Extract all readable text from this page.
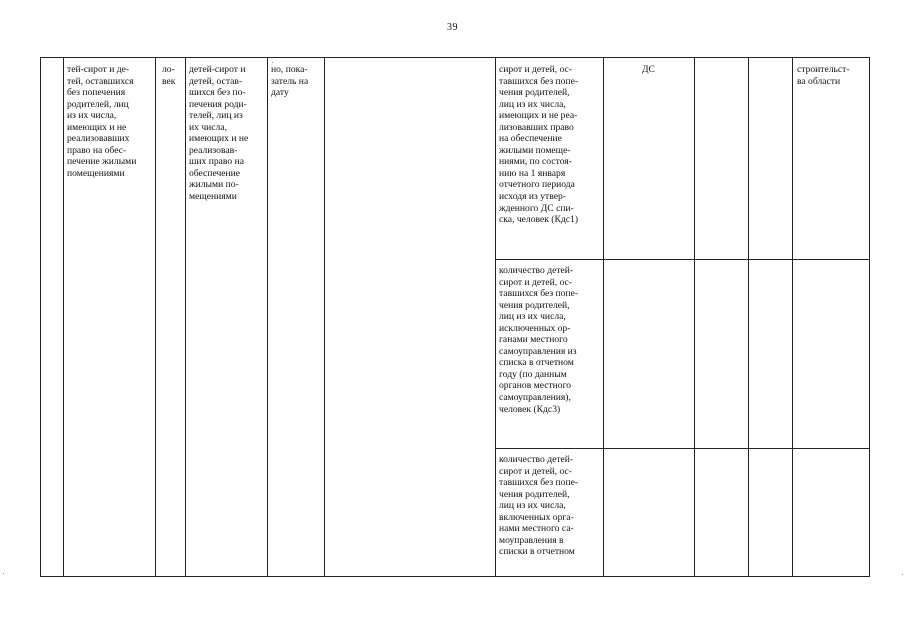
39
тей-сирот и де-
тей, оставшихся
без попечения
родителей, лиц
из их числа,
имеющих и не
реализовавших
право на обес-
печение жилыми
помещениями
ло-
век
детей-сирот и
детей, остав-
шихся без по-
печения роди-
телей, лиц из
их числа,
имеющих и не
реализовав-
ших право на
обеспечение
жилыми по-
мещениями
но, пока-
затель на
дату
сирот и детей, ос-
тавшихся без попе-
чения родителей,
лиц из их числа,
имеющих и не реа-
лизовавших право
на обеспечение
жилыми помеще-
ниями, по состоя-
нию на 1 января
отчетного периода
исходя из утвер-
жденного ДС спи-
ска, человек (Кдс1)
ДС	строительст-
ва области
количество детей-
сирот и детей, ос-
тавшихся без попе-
чения родителей,
лиц из их числа,
исключенных ор-
ганами местного
самоуправления из
списка в отчетном
году (по данным
органов местного
самоуправления),
человек (Кдс3)
количество детей-
сирот и детей, ос-
тавшихся без попе-
чения родителей,
лиц из их числа,
включенных орга-
нами местного са-
моуправления в
списки в отчетном
